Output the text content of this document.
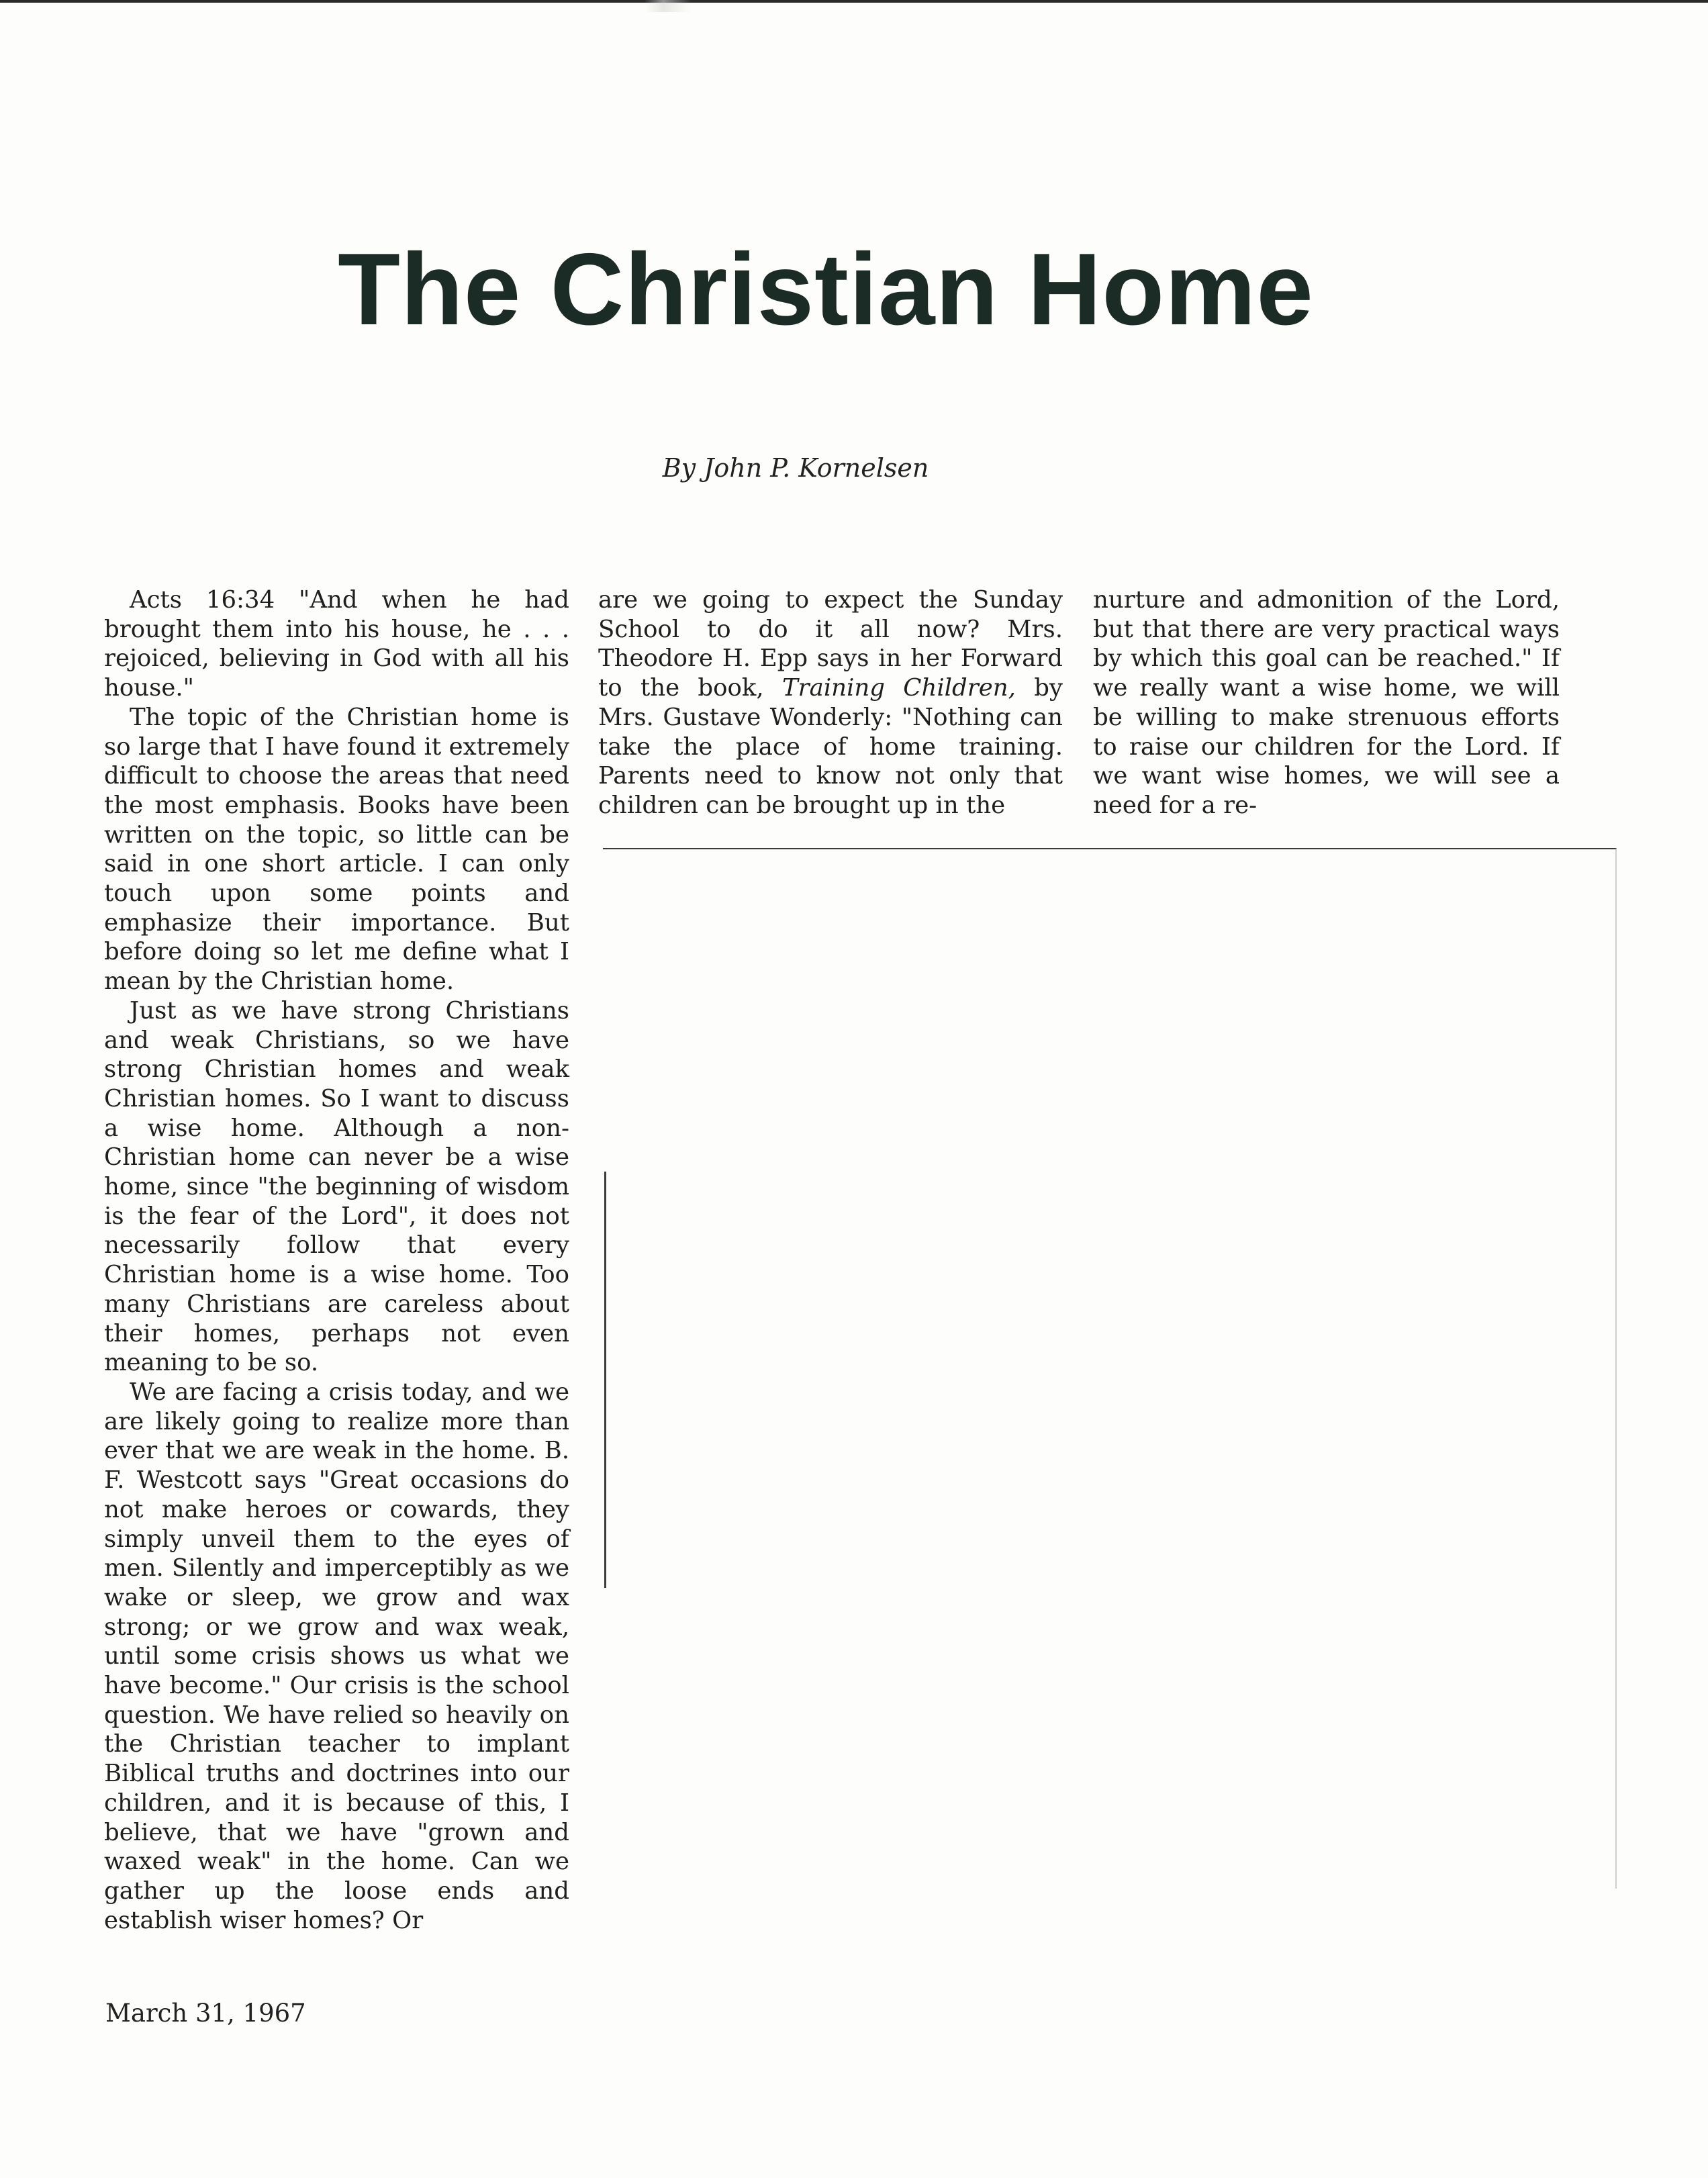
The Christian Home
By John P. Kornelsen

Acts 16:34 "And when he had brought them into his house, he . . . rejoiced, believing in God with all his house."

The topic of the Christian home is so large that I have found it extremely difficult to choose the areas that need the most emphasis. Books have been written on the topic, so little can be said in one short article. I can only touch upon some points and emphasize their importance. But before doing so let me define what I mean by the Christian home.

Just as we have strong Christians and weak Christians, so we have strong Christian homes and weak Christian homes. So I want to discuss a wise home. Although a non-Christian home can never be a wise home, since "the beginning of wisdom is the fear of the Lord", it does not necessarily follow that every Christian home is a wise home. Too many Christians are careless about their homes, perhaps not even meaning to be so.

We are facing a crisis today, and we are likely going to realize more than ever that we are weak in the home. B. F. Westcott says "Great occasions do not make heroes or cowards, they simply unveil them to the eyes of men. Silently and imperceptibly as we wake or sleep, we grow and wax strong; or we grow and wax weak, until some crisis shows us what we have become." Our crisis is the school question. We have relied so heavily on the Christian teacher to implant Biblical truths and doctrines into our children, and it is because of this, I believe, that we have "grown and waxed weak" in the home. Can we gather up the loose ends and establish wiser homes? Or

are we going to expect the Sunday School to do it all now? Mrs. Theodore H. Epp says in her Forward to the book, Training Children, by Mrs. Gustave Wonderly: "Nothing can take the place of home training. Parents need to know not only that children can be brought up in the

nurture and admonition of the Lord, but that there are very practical ways by which this goal can be reached." If we really want a wise home, we will be willing to make strenuous efforts to raise our children for the Lord. If we want wise homes, we will see a need for a re-

March 31, 1967
